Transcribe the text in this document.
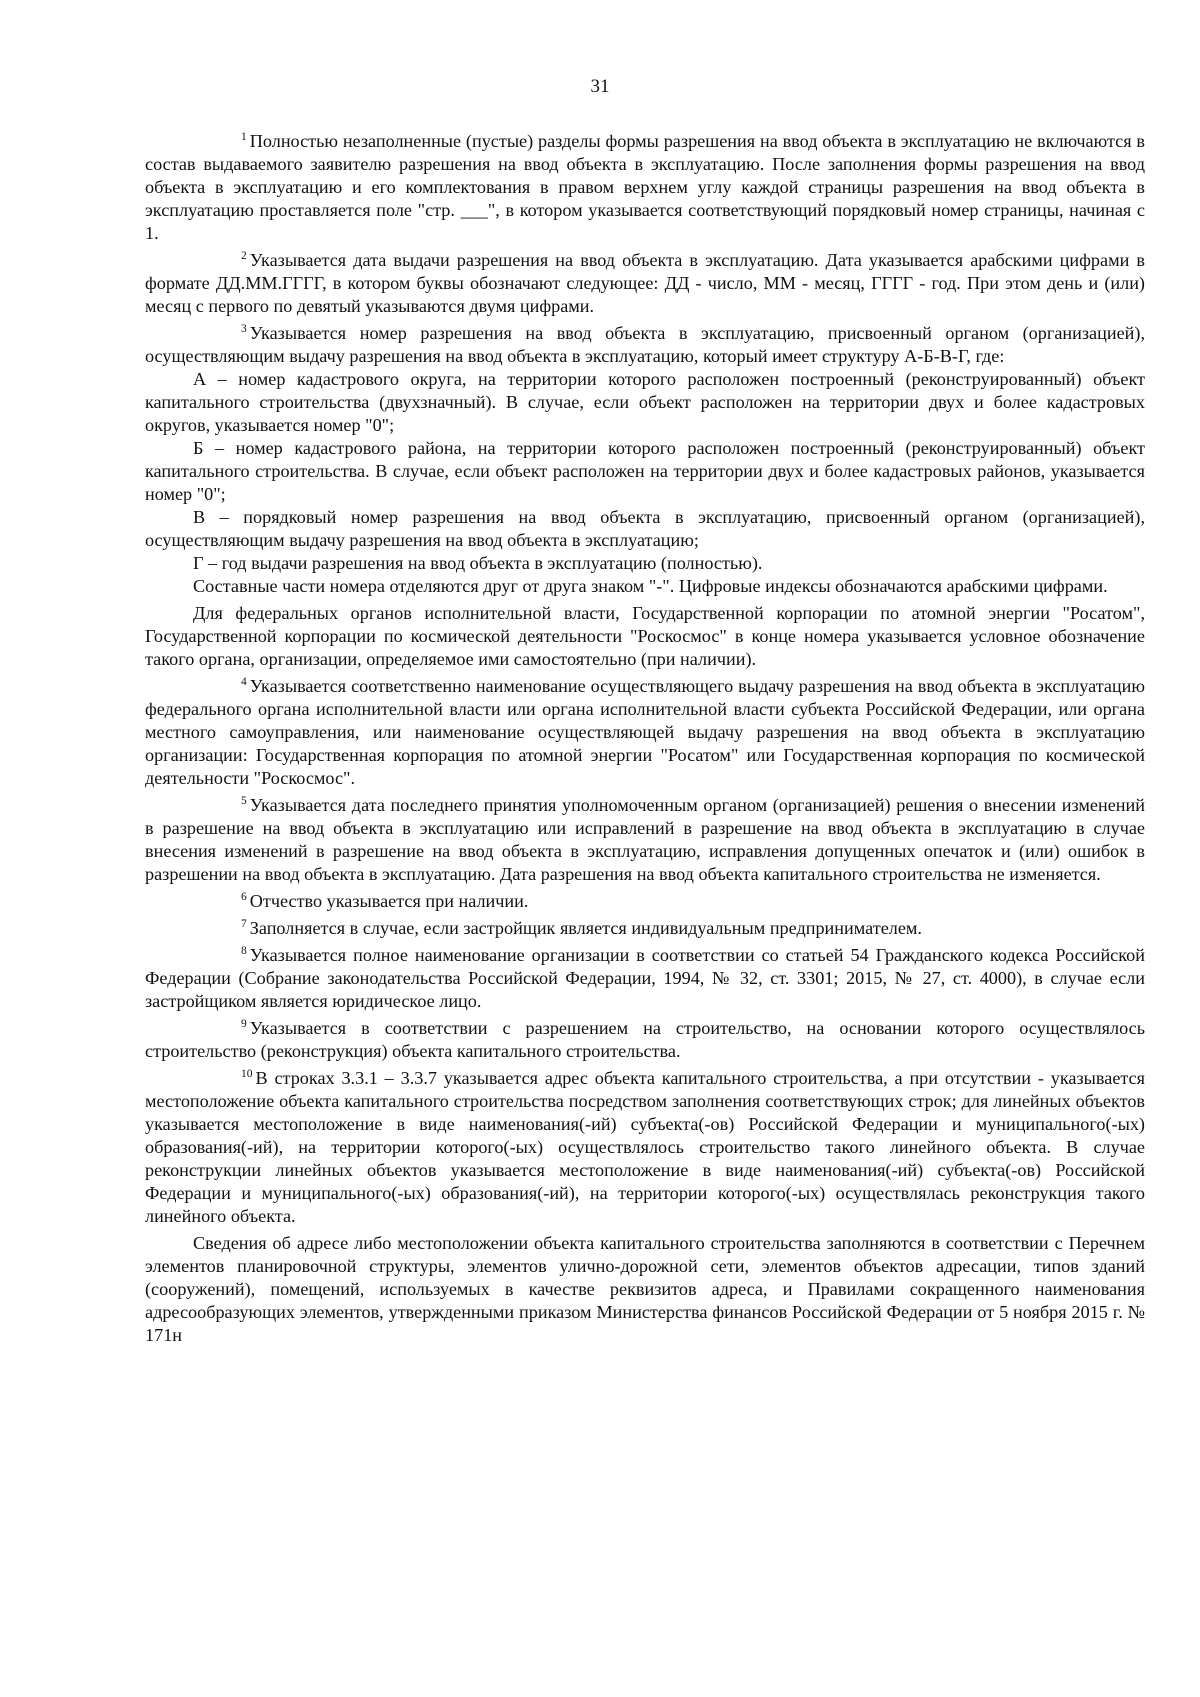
31

1 Полностью незаполненные (пустые) разделы формы разрешения на ввод объекта в эксплуатацию не включаются в состав выдаваемого заявителю разрешения на ввод объекта в эксплуатацию. После заполнения формы разрешения на ввод объекта в эксплуатацию и его комплектования в правом верхнем углу каждой страницы разрешения на ввод объекта в эксплуатацию проставляется поле "стр. ___", в котором указывается соответствующий порядковый номер страницы, начиная с 1.

2 Указывается дата выдачи разрешения на ввод объекта в эксплуатацию. Дата указывается арабскими цифрами в формате ДД.ММ.ГГГГ, в котором буквы обозначают следующее: ДД - число, ММ - месяц, ГГГГ - год. При этом день и (или) месяц с первого по девятый указываются двумя цифрами.

3 Указывается номер разрешения на ввод объекта в эксплуатацию, присвоенный органом (организацией), осуществляющим выдачу разрешения на ввод объекта в эксплуатацию, который имеет структуру А-Б-В-Г, где:

А – номер кадастрового округа, на территории которого расположен построенный (реконструированный) объект капитального строительства (двухзначный). В случае, если объект расположен на территории двух и более кадастровых округов, указывается номер "0";

Б – номер кадастрового района, на территории которого расположен построенный (реконструированный) объект капитального строительства. В случае, если объект расположен на территории двух и более кадастровых районов, указывается номер "0";

В – порядковый номер разрешения на ввод объекта в эксплуатацию, присвоенный органом (организацией), осуществляющим выдачу разрешения на ввод объекта в эксплуатацию;

Г – год выдачи разрешения на ввод объекта в эксплуатацию (полностью).

Составные части номера отделяются друг от друга знаком "-". Цифровые индексы обозначаются арабскими цифрами.

Для федеральных органов исполнительной власти, Государственной корпорации по атомной энергии "Росатом", Государственной корпорации по космической деятельности "Роскосмос" в конце номера указывается условное обозначение такого органа, организации, определяемое ими самостоятельно (при наличии).

4 Указывается соответственно наименование осуществляющего выдачу разрешения на ввод объекта в эксплуатацию федерального органа исполнительной власти или органа исполнительной власти субъекта Российской Федерации, или органа местного самоуправления, или наименование осуществляющей выдачу разрешения на ввод объекта в эксплуатацию организации: Государственная корпорация по атомной энергии "Росатом" или Государственная корпорация по космической деятельности "Роскосмос".

5 Указывается дата последнего принятия уполномоченным органом (организацией) решения о внесении изменений в разрешение на ввод объекта в эксплуатацию или исправлений в разрешение на ввод объекта в эксплуатацию в случае внесения изменений в разрешение на ввод объекта в эксплуатацию, исправления допущенных опечаток и (или) ошибок в разрешении на ввод объекта в эксплуатацию. Дата разрешения на ввод объекта капитального строительства не изменяется.

6 Отчество указывается при наличии.

7 Заполняется в случае, если застройщик является индивидуальным предпринимателем.

8 Указывается полное наименование организации в соответствии со статьей 54 Гражданского кодекса Российской Федерации (Собрание законодательства Российской Федерации, 1994, № 32, ст. 3301; 2015, № 27, ст. 4000), в случае если застройщиком является юридическое лицо.

9 Указывается в соответствии с разрешением на строительство, на основании которого осуществлялось строительство (реконструкция) объекта капитального строительства.

10 В строках 3.3.1 – 3.3.7 указывается адрес объекта капитального строительства, а при отсутствии - указывается местоположение объекта капитального строительства посредством заполнения соответствующих строк; для линейных объектов указывается местоположение в виде наименования(-ий) субъекта(-ов) Российской Федерации и муниципального(-ых) образования(-ий), на территории которого(-ых) осуществлялось строительство такого линейного объекта. В случае реконструкции линейных объектов указывается местоположение в виде наименования(-ий) субъекта(-ов) Российской Федерации и муниципального(-ых) образования(-ий), на территории которого(-ых) осуществлялась реконструкция такого линейного объекта.

Сведения об адресе либо местоположении объекта капитального строительства заполняются в соответствии с Перечнем элементов планировочной структуры, элементов улично-дорожной сети, элементов объектов адресации, типов зданий (сооружений), помещений, используемых в качестве реквизитов адреса, и Правилами сокращенного наименования адресообразующих элементов, утвержденными приказом Министерства финансов Российской Федерации от 5 ноября 2015 г. № 171н
